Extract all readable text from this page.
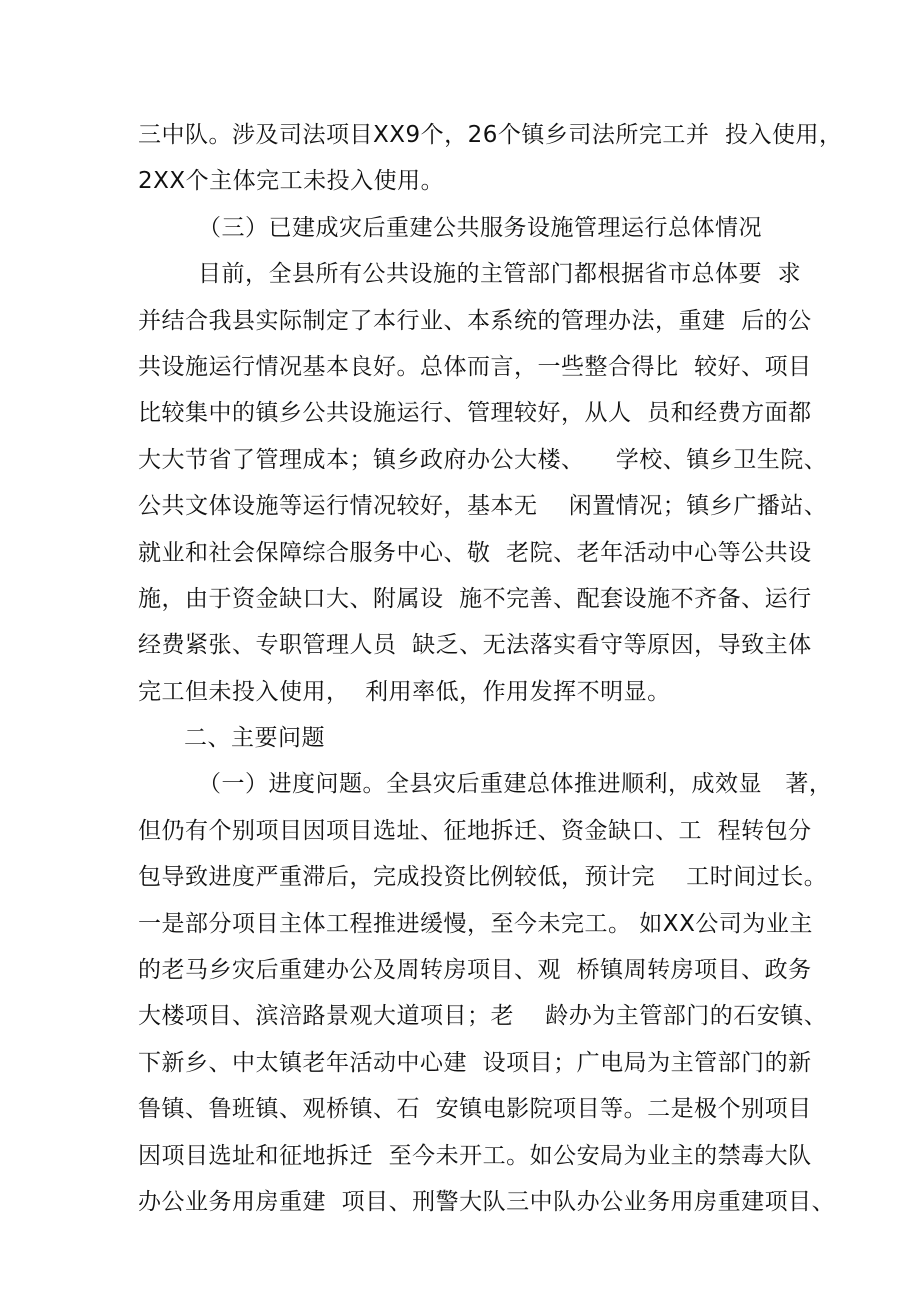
三中队。涉及司法项目XX9个，26个镇乡司法所完工并  投入使用，
2XX个主体完工未投入使用。
（三）已建成灾后重建公共服务设施管理运行总体情况
目前，全县所有公共设施的主管部门都根据省市总体要  求
并结合我县实际制定了本行业、本系统的管理办法，重建  后的公
共设施运行情况基本良好。总体而言，一些整合得比  较好、项目
比较集中的镇乡公共设施运行、管理较好，从人  员和经费方面都
大大节省了管理成本；镇乡政府办公大楼、    学校、镇乡卫生院、
公共文体设施等运行情况较好，基本无    闲置情况；镇乡广播站、
就业和社会保障综合服务中心、敬  老院、老年活动中心等公共设
施，由于资金缺口大、附属设  施不完善、配套设施不齐备、运行
经费紧张、专职管理人员  缺乏、无法落实看守等原因，导致主体
完工但未投入使用，  利用率低，作用发挥不明显。
二、主要问题
（一）进度问题。全县灾后重建总体推进顺利，成效显   著，
但仍有个别项目因项目选址、征地拆迁、资金缺口、工  程转包分
包导致进度严重滞后，完成投资比例较低，预计完    工时间过长。
一是部分项目主体工程推进缓慢，至今未完工。 如XX公司为业主
的老马乡灾后重建办公及周转房项目、观  桥镇周转房项目、政务
大楼项目、滨涪路景观大道项目；老    龄办为主管部门的石安镇、
下新乡、中太镇老年活动中心建  设项目；广电局为主管部门的新
鲁镇、鲁班镇、观桥镇、石  安镇电影院项目等。二是极个别项目
因项目选址和征地拆迁  至今未开工。如公安局为业主的禁毒大队
办公业务用房重建  项目、刑警大队三中队办公业务用房重建项目、
